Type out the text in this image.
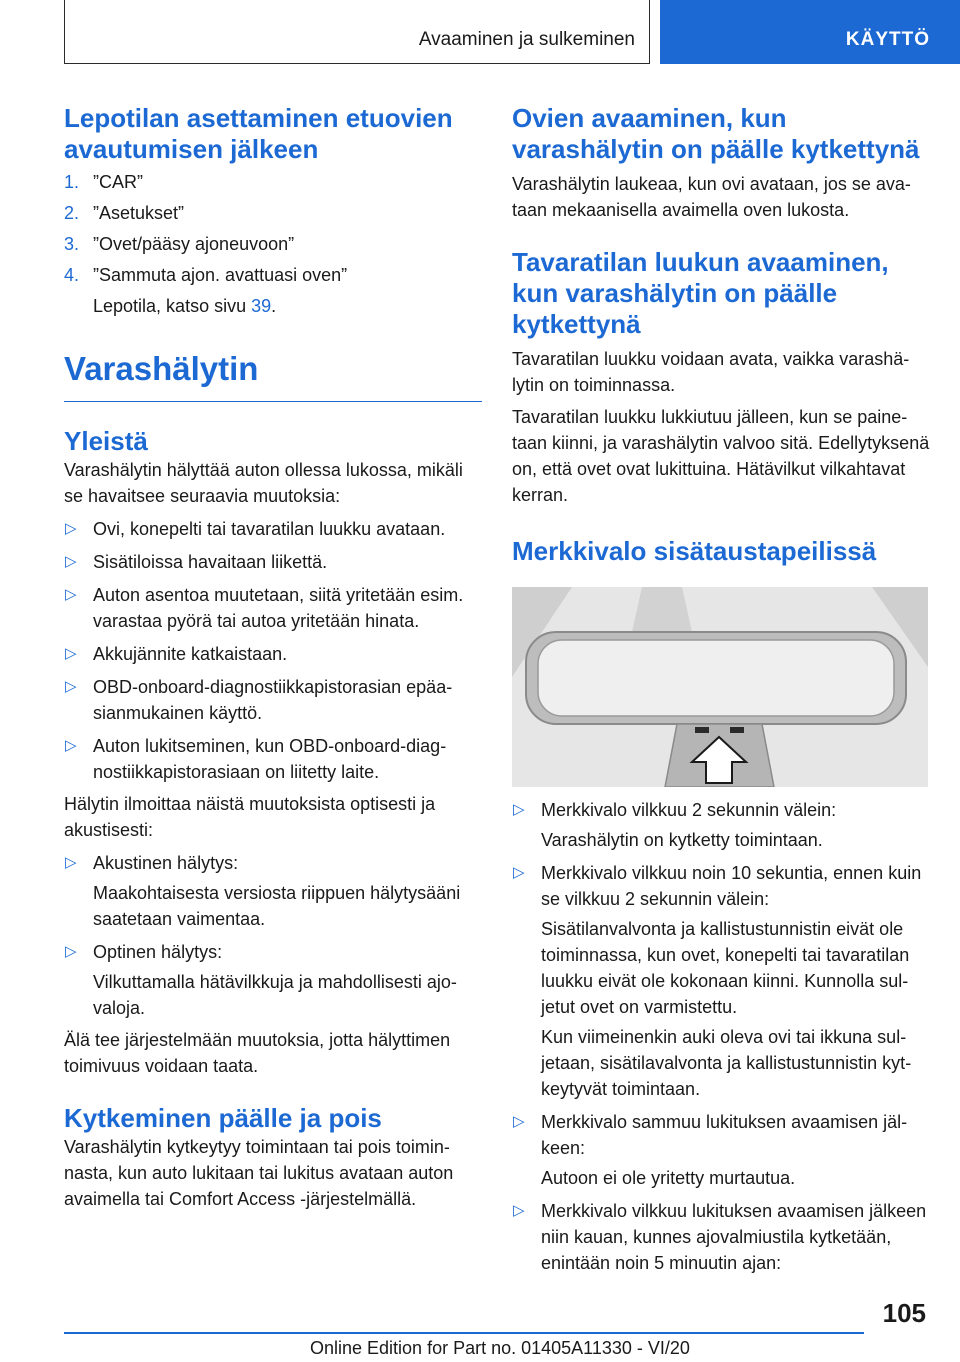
Avaaminen ja sulkeminen	KÄYTTÖ
Lepotilan asettaminen etuovien avautumisen jälkeen
1. ”CAR”
2. ”Asetukset”
3. ”Ovet/pääsy ajoneuvoon”
4. ”Sammuta ajon. avattuasi oven”
Lepotila, katso sivu 39.
Varashälytin
Yleistä

Varashälytin hälyttää auton ollessa lukossa, mikäli se havaitsee seuraavia muutoksia:

▷ Ovi, konepelti tai tavaratilan luukku avataan.
▷ Sisätiloissa havaitaan liikettä.
▷ Auton asentoa muutetaan, siitä yritetään esim. varastaa pyörä tai autoa yritetään hinata.
▷ Akkujännite katkaistaan.
▷ OBD-onboard-diagnostiikkapistorasian epäasianmukainen käyttö.
▷ Auton lukitseminen, kun OBD-onboard-diagnostiikkapistorasiaan on liitetty laite.

Hälytin ilmoittaa näistä muutoksista optisesti ja akustisesti:

▷ Akustinen hälytys:
Maakohtaisesta versiosta riippuen hälytysääni saatetaan vaimentaa.
▷ Optinen hälytys:
Vilkuttamalla hätävilkkuja ja mahdollisesti ajovaloja.

Älä tee järjestelmään muutoksia, jotta hälyttimen toimivuus voidaan taata.

Kytkeminen päälle ja pois

Varashälytin kytkeytyy toimintaan tai pois toiminnasta, kun auto lukitaan tai lukitus avataan auton avaimella tai Comfort Access -järjestelmällä.

Ovien avaaminen, kun varashälytin on päälle kytkettynä

Varashälytin laukeaa, kun ovi avataan, jos se avataan mekaanisella avaimella oven lukosta.

Tavaratilan luukun avaaminen, kun varashälytin on päälle kytkettynä

Tavaratilan luukku voidaan avata, vaikka varashälytin on toiminnassa.

Tavaratilan luukku lukkiutuu jälleen, kun se painetaan kiinni, ja varashälytin valvoo sitä. Edellytyksenä on, että ovet ovat lukittuina. Hätävilkut vilkahtavat kerran.

Merkkivalo sisätaustapeilissä
▷ Merkkivalo vilkkuu 2 sekunnin välein:
Varashälytin on kytketty toimintaan.
▷ Merkkivalo vilkkuu noin 10 sekuntia, ennen kuin se vilkkuu 2 sekunnin välein:
Sisätilanvalvonta ja kallistustunnistin eivät ole toiminnassa, kun ovet, konepelti tai tavaratilan luukku eivät ole kokonaan kiinni. Kunnolla suljetut ovet on varmistettu.
Kun viimeinenkin auki oleva ovi tai ikkuna suljetaan, sisätilavalvonta ja kallistustunnistin kytkeytyvät toimintaan.
▷ Merkkivalo sammuu lukituksen avaamisen jälkeen:
Autoon ei ole yritetty murtautua.
▷ Merkkivalo vilkkuu lukituksen avaamisen jälkeen niin kauan, kunnes ajovalmiustila kytketään, enintään noin 5 minuutin ajan:
105
Online Edition for Part no. 01405A11330 - VI/20
